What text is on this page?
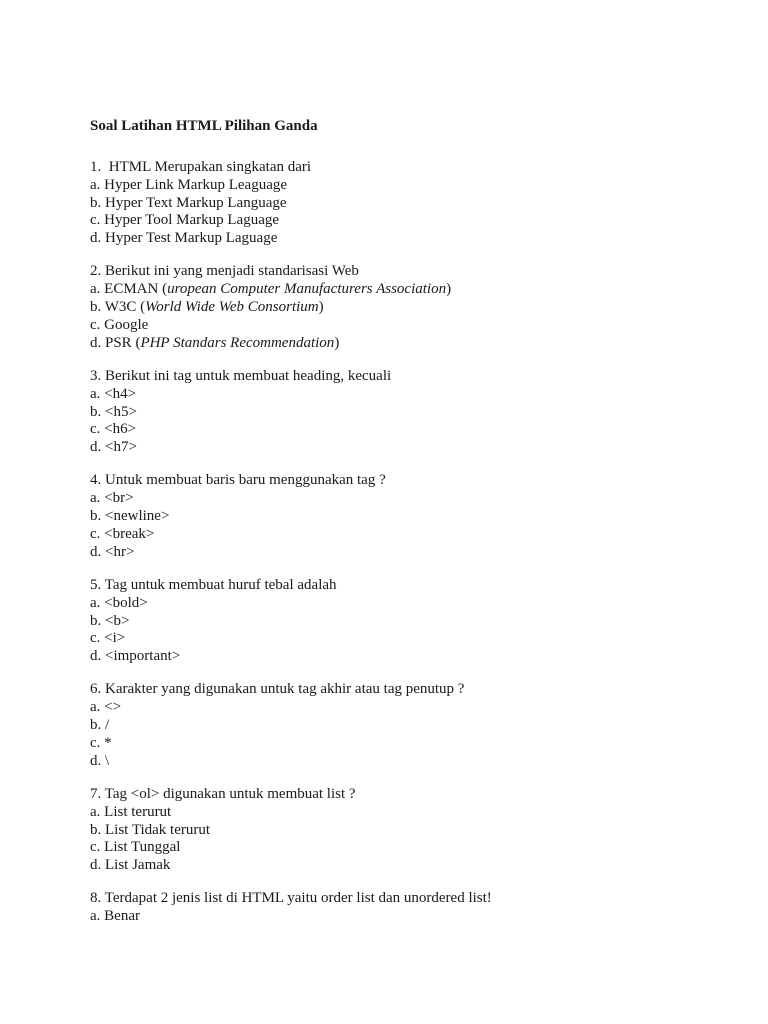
Soal Latihan HTML Pilihan Ganda
1.  HTML Merupakan singkatan dari
a. Hyper Link Markup Leaguage
b. Hyper Text Markup Language
c. Hyper Tool Markup Laguage
d. Hyper Test Markup Laguage
2. Berikut ini yang menjadi standarisasi Web
a. ECMAN (uropean Computer Manufacturers Association)
b. W3C (World Wide Web Consortium)
c. Google
d. PSR (PHP Standars Recommendation)
3. Berikut ini tag untuk membuat heading, kecuali
a. <h4>
b. <h5>
c. <h6>
d. <h7>
4. Untuk membuat baris baru menggunakan tag ?
a. <br>
b. <newline>
c. <break>
d. <hr>
5. Tag untuk membuat huruf tebal adalah
a. <bold>
b. <b>
c. <i>
d. <important>
6. Karakter yang digunakan untuk tag akhir atau tag penutup ?
a. <>
b. /
c. *
d. \
7. Tag <ol> digunakan untuk membuat list ?
a. List terurut
b. List Tidak terurut
c. List Tunggal
d. List Jamak
8. Terdapat 2 jenis list di HTML yaitu order list dan unordered list!
a. Benar
